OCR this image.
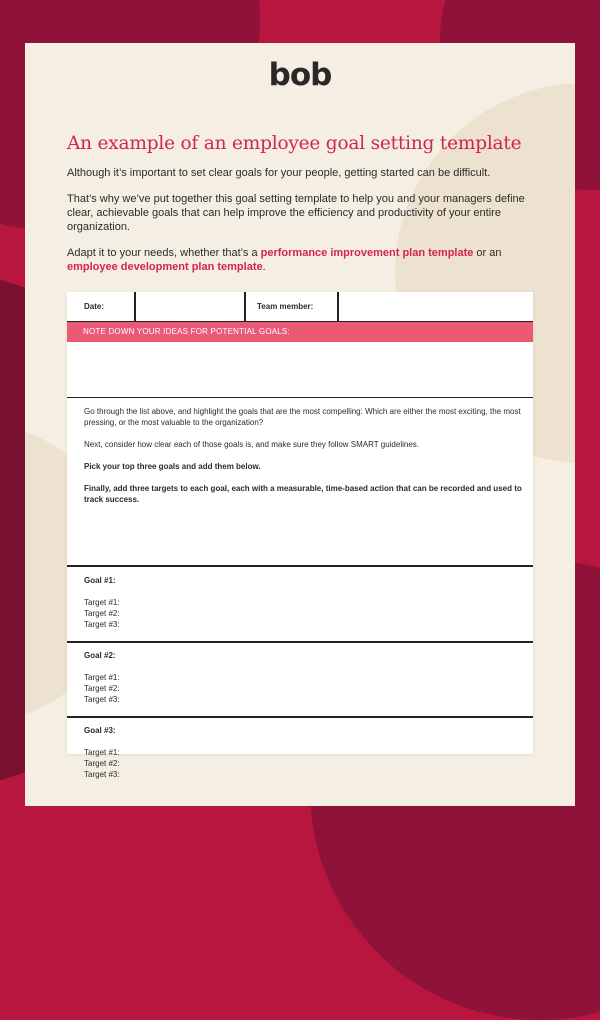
bob
An example of an employee goal setting template

Although it’s important to set clear goals for your people, getting started can be difficult.

That’s why we’ve put together this goal setting template to help you and your managers define clear, achievable goals that can help improve the efficiency and productivity of your entire organization.

Adapt it to your needs, whether that’s a performance improvement plan template or an employee development plan template.

Date:	Team member:
NOTE DOWN YOUR IDEAS FOR POTENTIAL GOALS:

Go through the list above, and highlight the goals that are the most compelling: Which are either the most exciting, the most pressing, or the most valuable to the organization?

Next, consider how clear each of those goals is, and make sure they follow SMART guidelines.

Pick your top three goals and add them below.

Finally, add three targets to each goal, each with a measurable, time-based action that can be recorded and used to track success.

Goal #1:
Target #1:
Target #2:
Target #3:
Goal #2:
Target #1:
Target #2:
Target #3:
Goal #3:
Target #1:
Target #2:
Target #3:
